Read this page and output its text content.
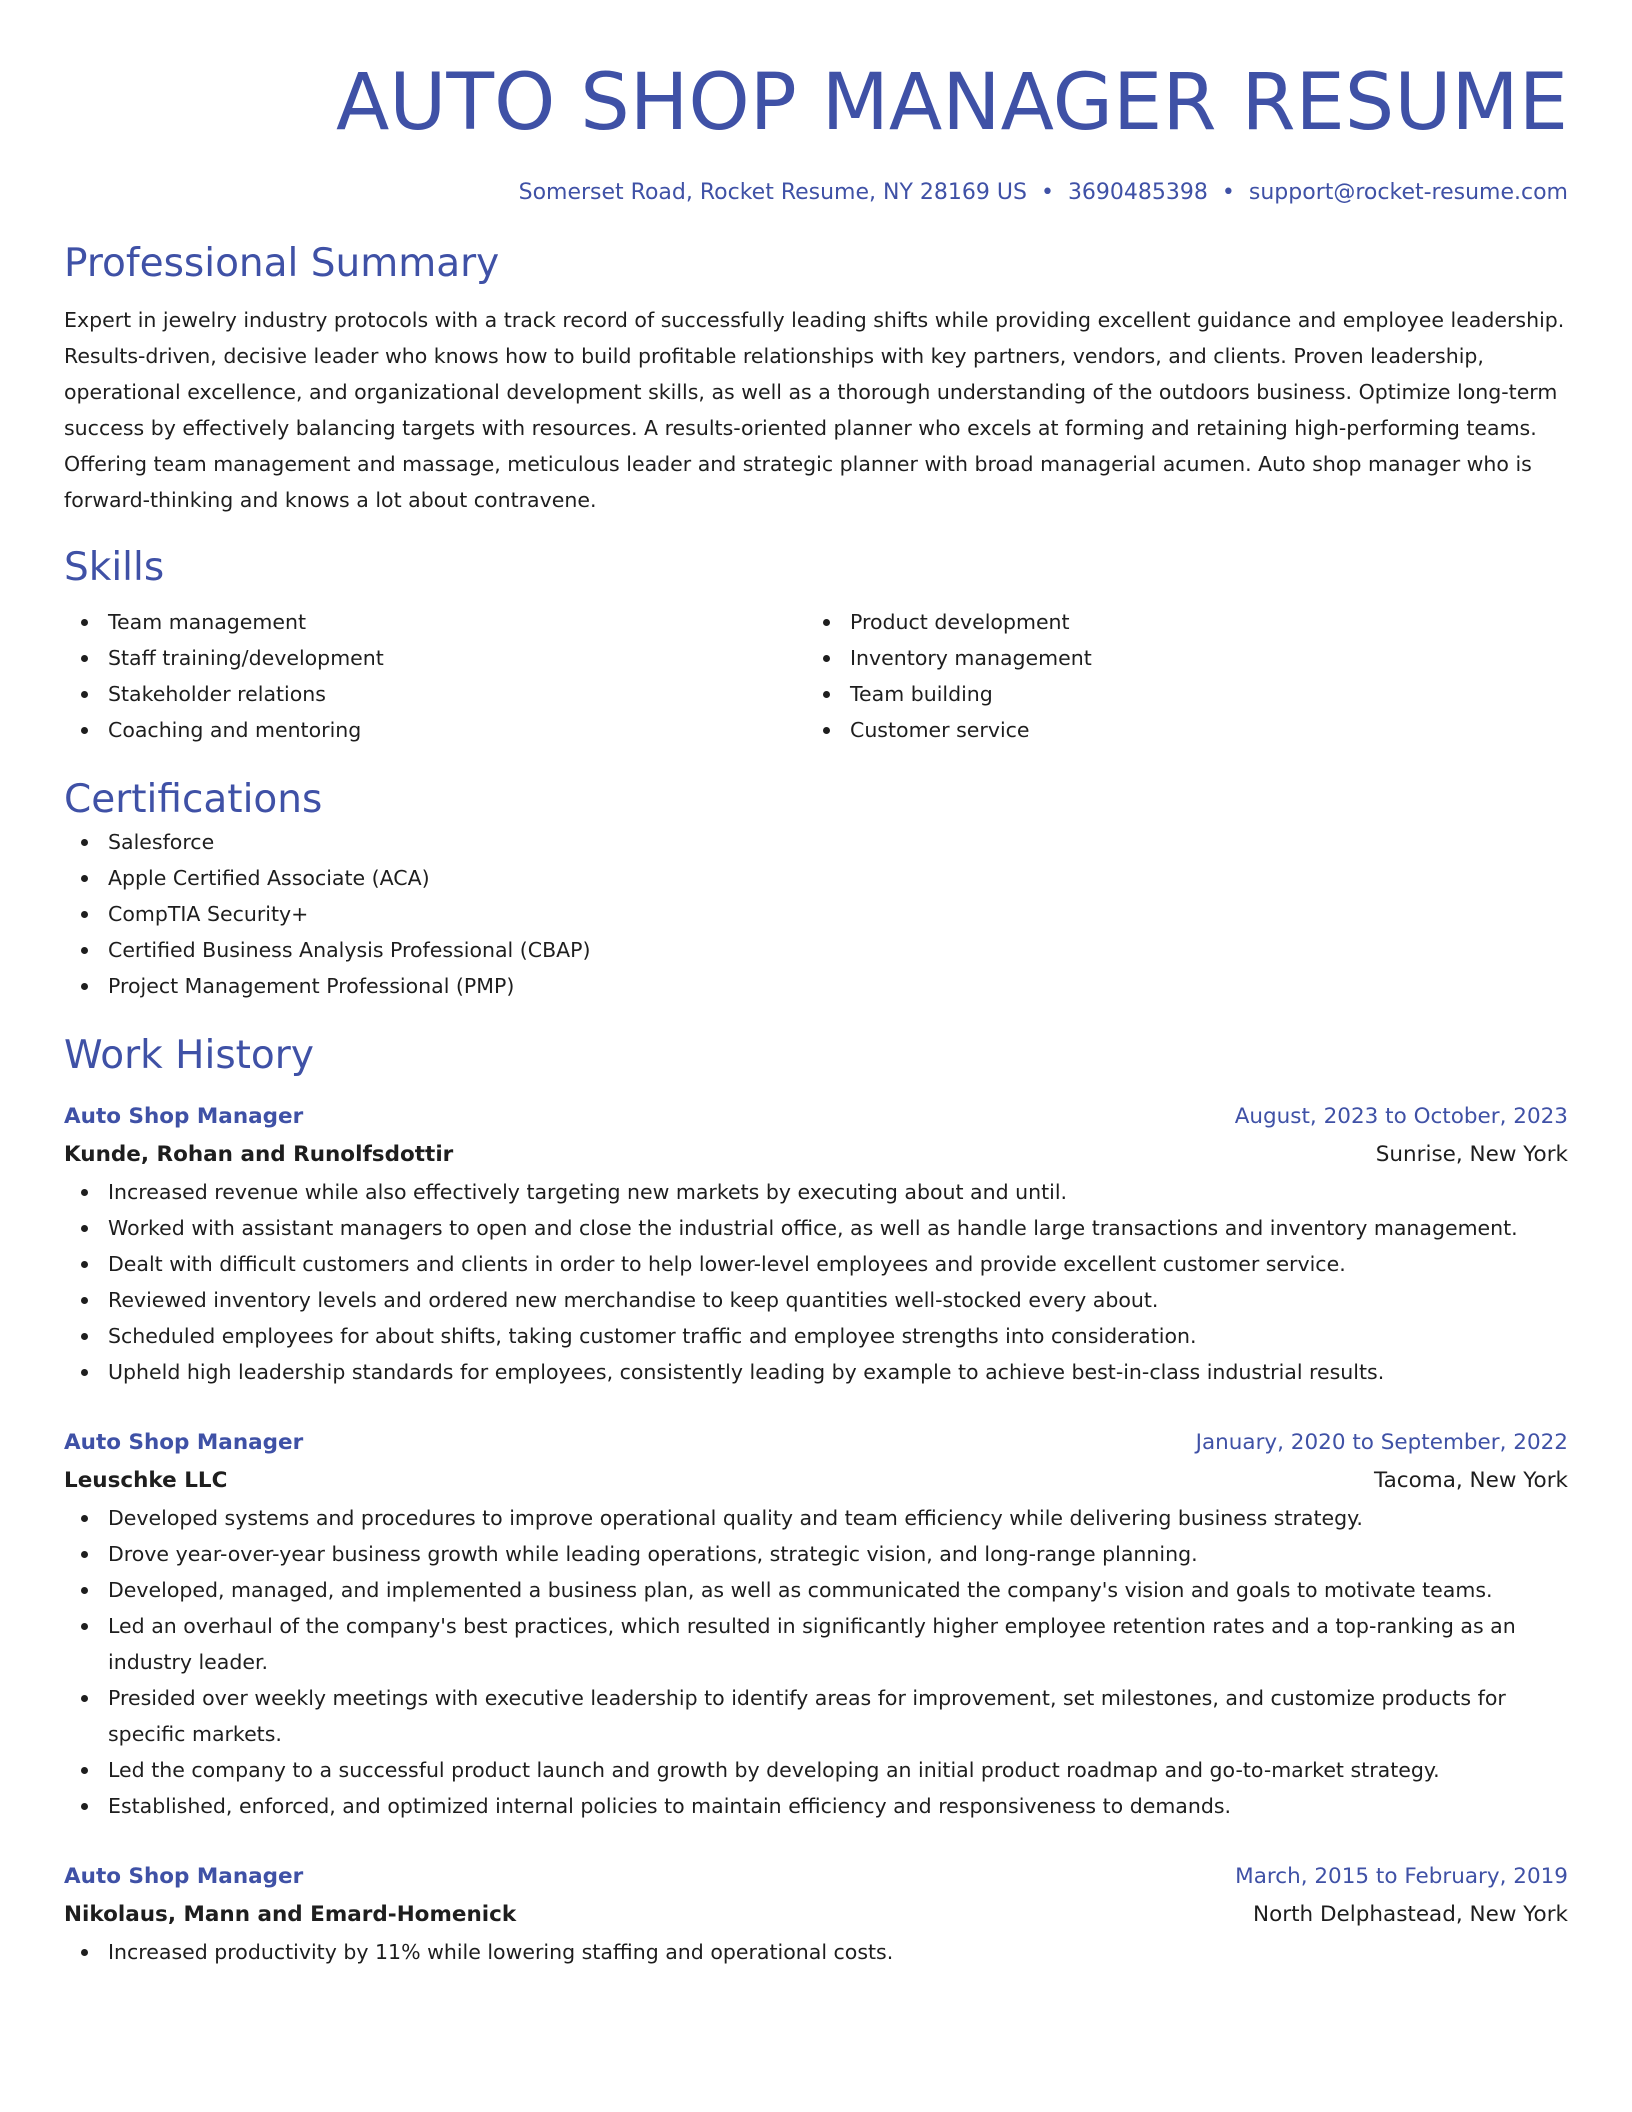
AUTO SHOP MANAGER RESUME
Somerset Road, Rocket Resume, NY 28169 US • 3690485398 • support@rocket-resume.com
Professional Summary
Expert in jewelry industry protocols with a track record of successfully leading shifts while providing excellent guidance and employee leadership. Results-driven, decisive leader who knows how to build profitable relationships with key partners, vendors, and clients. Proven leadership, operational excellence, and organizational development skills, as well as a thorough understanding of the outdoors business. Optimize long-term success by effectively balancing targets with resources. A results-oriented planner who excels at forming and retaining high-performing teams. Offering team management and massage, meticulous leader and strategic planner with broad managerial acumen. Auto shop manager who is forward-thinking and knows a lot about contravene.
Skills
Team management
Staff training/development
Stakeholder relations
Coaching and mentoring
Product development
Inventory management
Team building
Customer service
Certifications
Salesforce
Apple Certified Associate (ACA)
CompTIA Security+
Certified Business Analysis Professional (CBAP)
Project Management Professional (PMP)
Work History
Auto Shop Manager	August, 2023 to October, 2023
Kunde, Rohan and Runolfsdottir	Sunrise, New York
Increased revenue while also effectively targeting new markets by executing about and until.
Worked with assistant managers to open and close the industrial office, as well as handle large transactions and inventory management.
Dealt with difficult customers and clients in order to help lower-level employees and provide excellent customer service.
Reviewed inventory levels and ordered new merchandise to keep quantities well-stocked every about.
Scheduled employees for about shifts, taking customer traffic and employee strengths into consideration.
Upheld high leadership standards for employees, consistently leading by example to achieve best-in-class industrial results.
Auto Shop Manager	January, 2020 to September, 2022
Leuschke LLC	Tacoma, New York
Developed systems and procedures to improve operational quality and team efficiency while delivering business strategy.
Drove year-over-year business growth while leading operations, strategic vision, and long-range planning.
Developed, managed, and implemented a business plan, as well as communicated the company's vision and goals to motivate teams.
Led an overhaul of the company's best practices, which resulted in significantly higher employee retention rates and a top-ranking as an industry leader.
Presided over weekly meetings with executive leadership to identify areas for improvement, set milestones, and customize products for specific markets.
Led the company to a successful product launch and growth by developing an initial product roadmap and go-to-market strategy.
Established, enforced, and optimized internal policies to maintain efficiency and responsiveness to demands.
Auto Shop Manager	March, 2015 to February, 2019
Nikolaus, Mann and Emard-Homenick	North Delphastead, New York
Increased productivity by 11% while lowering staffing and operational costs.
